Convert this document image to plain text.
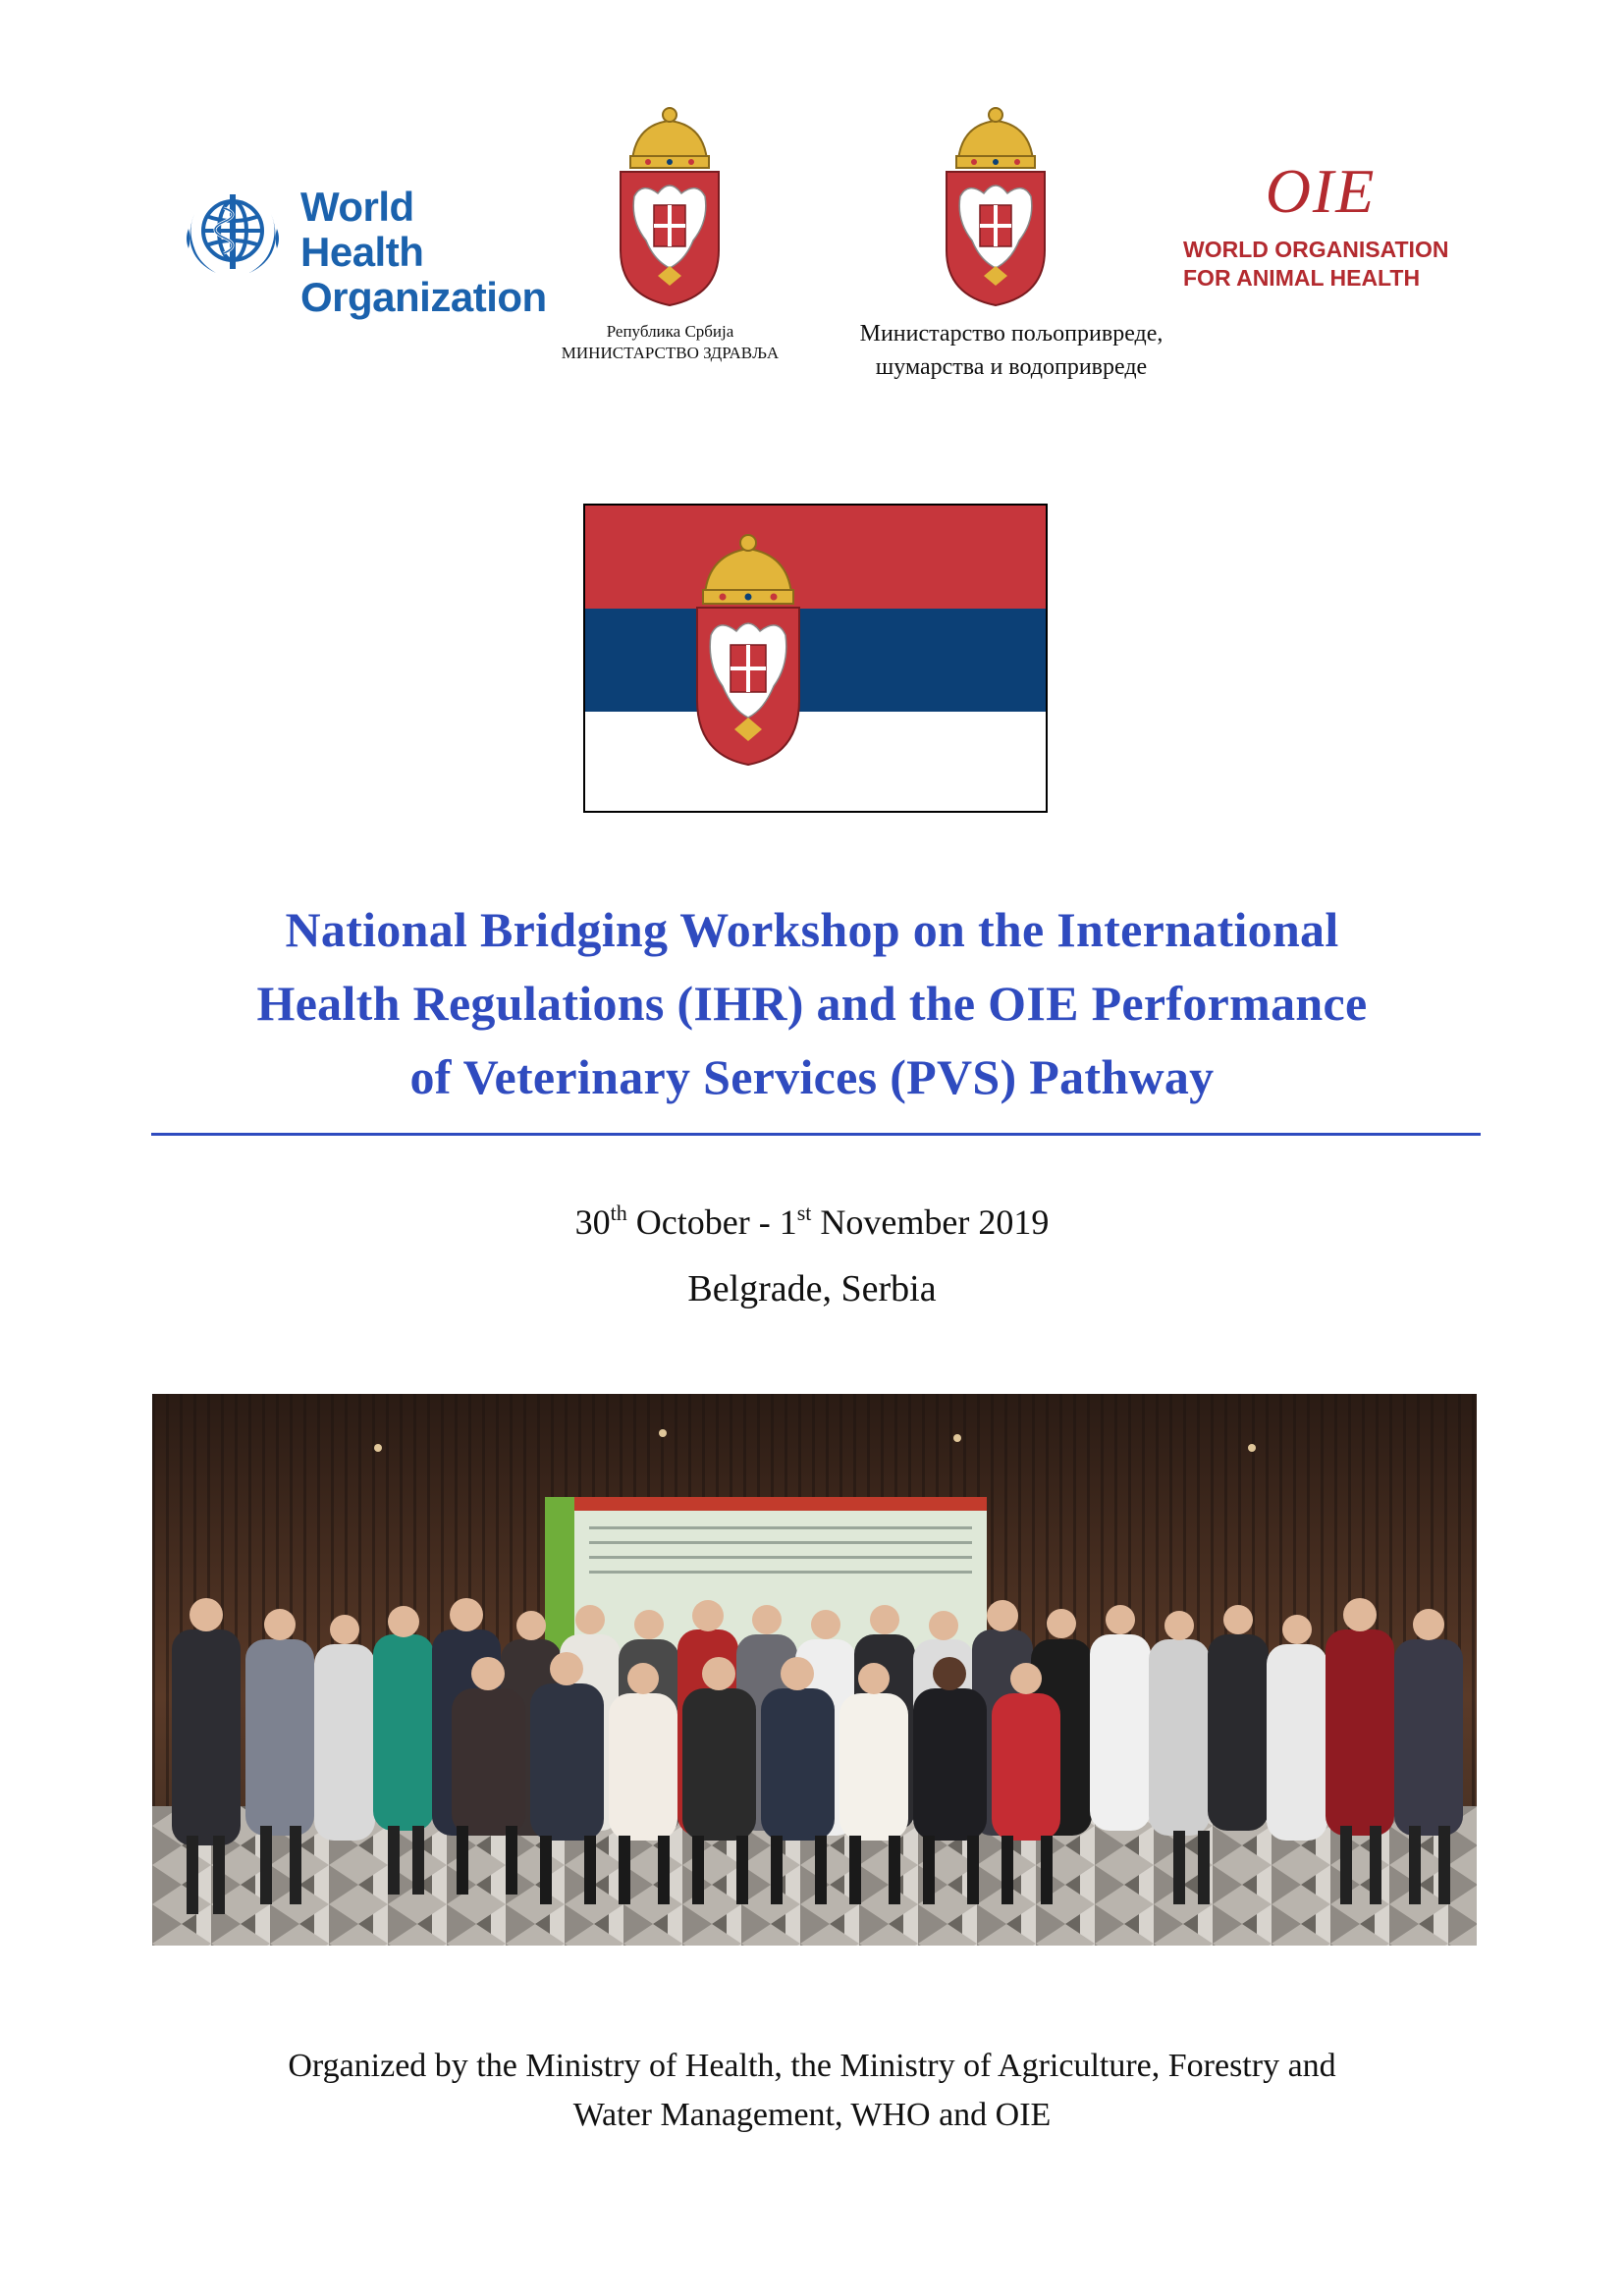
World Health
Organization
Република Србија
МИНИСТАРСТВО ЗДРАВЉА
Министарство пољопривреде,
шумарства и водопривреде
OIE
WORLD ORGANISATION
FOR ANIMAL HEALTH
National Bridging Workshop on the International
Health Regulations (IHR) and the OIE Performance
of Veterinary Services (PVS) Pathway
30th October - 1st November 2019
Belgrade, Serbia
Organized by the Ministry of Health, the Ministry of Agriculture, Forestry and
Water Management, WHO and OIE
